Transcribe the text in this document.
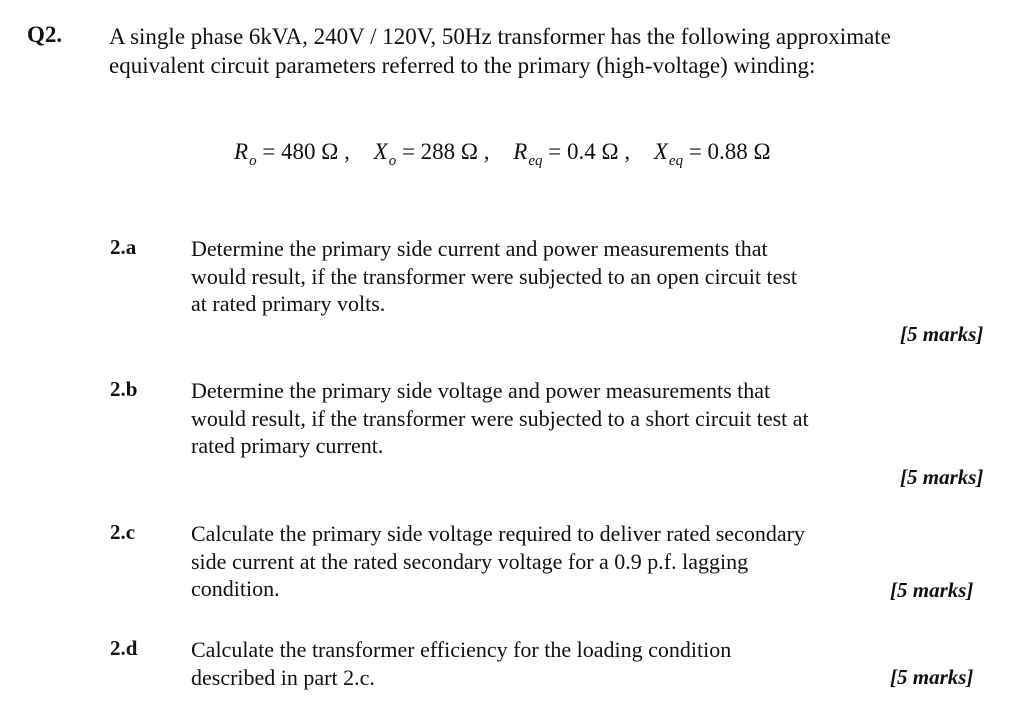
Q2. A single phase 6kVA, 240V / 120V, 50Hz transformer has the following approximate
equivalent circuit parameters referred to the primary (high-voltage) winding:
$R_o = 480$ Ω , $X_o = 288$ Ω , $R_{eq} = 0.4$ Ω , $X_{eq} = 0.88$ Ω
2.a Determine the primary side current and power measurements that
would result, if the transformer were subjected to an open circuit test
at rated primary volts.
[5 marks]
2.b Determine the primary side voltage and power measurements that
would result, if the transformer were subjected to a short circuit test at
rated primary current.
[5 marks]
2.c	Calculate the primary side voltage required to deliver rated secondary
side current at the rated secondary voltage for a 0.9 p.f. lagging
condition.	[5 marks]
2.d Calculate the transformer efficiency for the loading condition
described in part 2.c.	[5 marks]
